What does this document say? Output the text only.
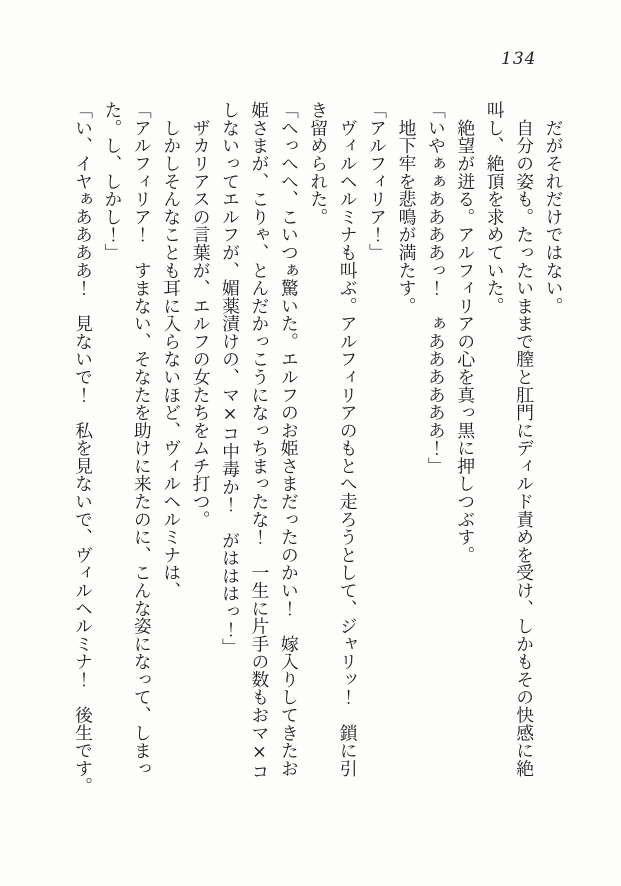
134
　だがそれだけではない。
　自分の姿も。たったいままで膣と肛門にディルド責めを受け、しかもその快感に絶
叫し、絶頂を求めていた。
　絶望が迸る。アルフィリアの心を真っ黒に押しつぶす。
「いやぁぁああああっ！　ぁああああああ！」
　地下牢を悲鳴が満たす。
「アルフィリア！」
　ヴィルヘルミナも叫ぶ。アルフィリアのもとへ走ろうとして、ジャリッ！　鎖に引
き留められた。
「へっへへ、こいつぁ驚いた。エルフのお姫さまだったのかい！　嫁入りしてきたお
姫さまが、こりゃ、とんだかっこうになっちまったな！　一生に片手の数もおマ×コ
しないってエルフが、媚薬漬けの、マ×コ中毒か！　がはははっ！」
　ザカリアスの言葉が、エルフの女たちをムチ打つ。
　しかしそんなことも耳に入らないほど、ヴィルヘルミナは、
「アルフィリア！　すまない、そなたを助けに来たのに、こんな姿になって、しまっ
た。し、しかし！」
「い、イヤぁああああ！　見ないで！　私を見ないで、ヴィルヘルミナ！　後生です。
